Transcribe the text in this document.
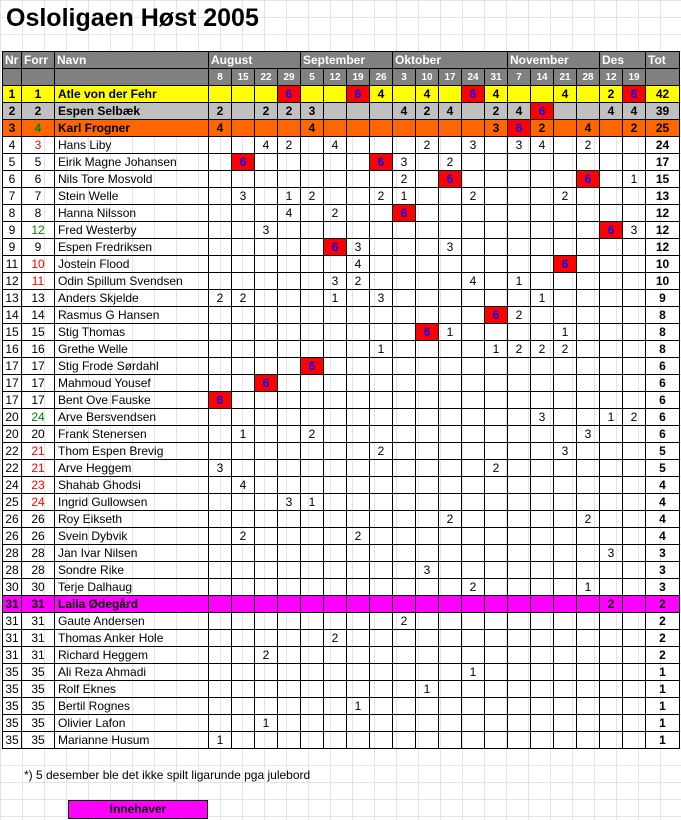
Osloligaen Høst 2005
Nr	Forr	Navn	August				September				Oktober					November				Des		Tot
			8	15	22	29	5	12	19	26	3	10	17	24	31	7	14	21	28	12	19	
1	1	Atle von der Fehr				6			6	4		4		6	4			4		2	6	42
2	2	Espen Selbæk	2		2	2	3				4	2	4		2	4	6			4	4	39
3	4	Karl Frogner	4				4								3	6	2		4		2	25
4	3	Hans Liby			4	2		4				2		3		3	4		2			24
5	5	Eirik Magne Johansen		6						6	3		2									17
6	6	Nils Tore Mosvold									2		6						6		1	15
7	7	Stein Welle		3		1	2			2	1			2				2				13
8	8	Hanna Nilsson				4		2			6											12
9	12	Fred Westerby			3															6	3	12
9	9	Espen Fredriksen						6	3				3									12
11	10	Jostein Flood							4									6				10
12	11	Odin Spillum Svendsen						3	2					4		1						10
13	13	Anders Skjelde	2	2				1		3							1					9
14	14	Rasmus G Hansen													6	2						8
15	15	Stig Thomas										6	1					1				8
16	16	Grethe Welle								1					1	2	2	2				8
17	17	Stig Frode Sørdahl					6															6
17	17	Mahmoud Yousef			6																	6
17	17	Bent Ove Fauske	6																			6
20	24	Arve Bersvendsen															3			1	2	6
20	20	Frank Stenersen		1			2												3			6
22	21	Thom Espen Brevig								2								3				5
22	21	Arve Heggem	3												2							5
24	23	Shahab Ghodsi		4																		4
25	24	Ingrid Gullowsen				3	1															4
26	26	Roy Eikseth											2						2			4
26	26	Svein Dybvik		2					2													4
28	28	Jan Ivar Nilsen																		3		3
28	28	Sondre Rike										3										3
30	30	Terje Dalhaug												2					1			3
31	31	Laila Ødegård																		2		2
31	31	Gaute Andersen									2											2
31	31	Thomas Anker Hole						2														2
31	31	Richard Heggem			2																	2
35	35	Ali Reza Ahmadi												1								1
35	35	Rolf Eknes										1										1
35	35	Bertil Rognes							1													1
35	35	Olivier Lafon			1																	1
35	35	Marianne Husum	1																			1
*) 5 desember ble det ikke spilt ligarunde pga julebord
Innehaver
